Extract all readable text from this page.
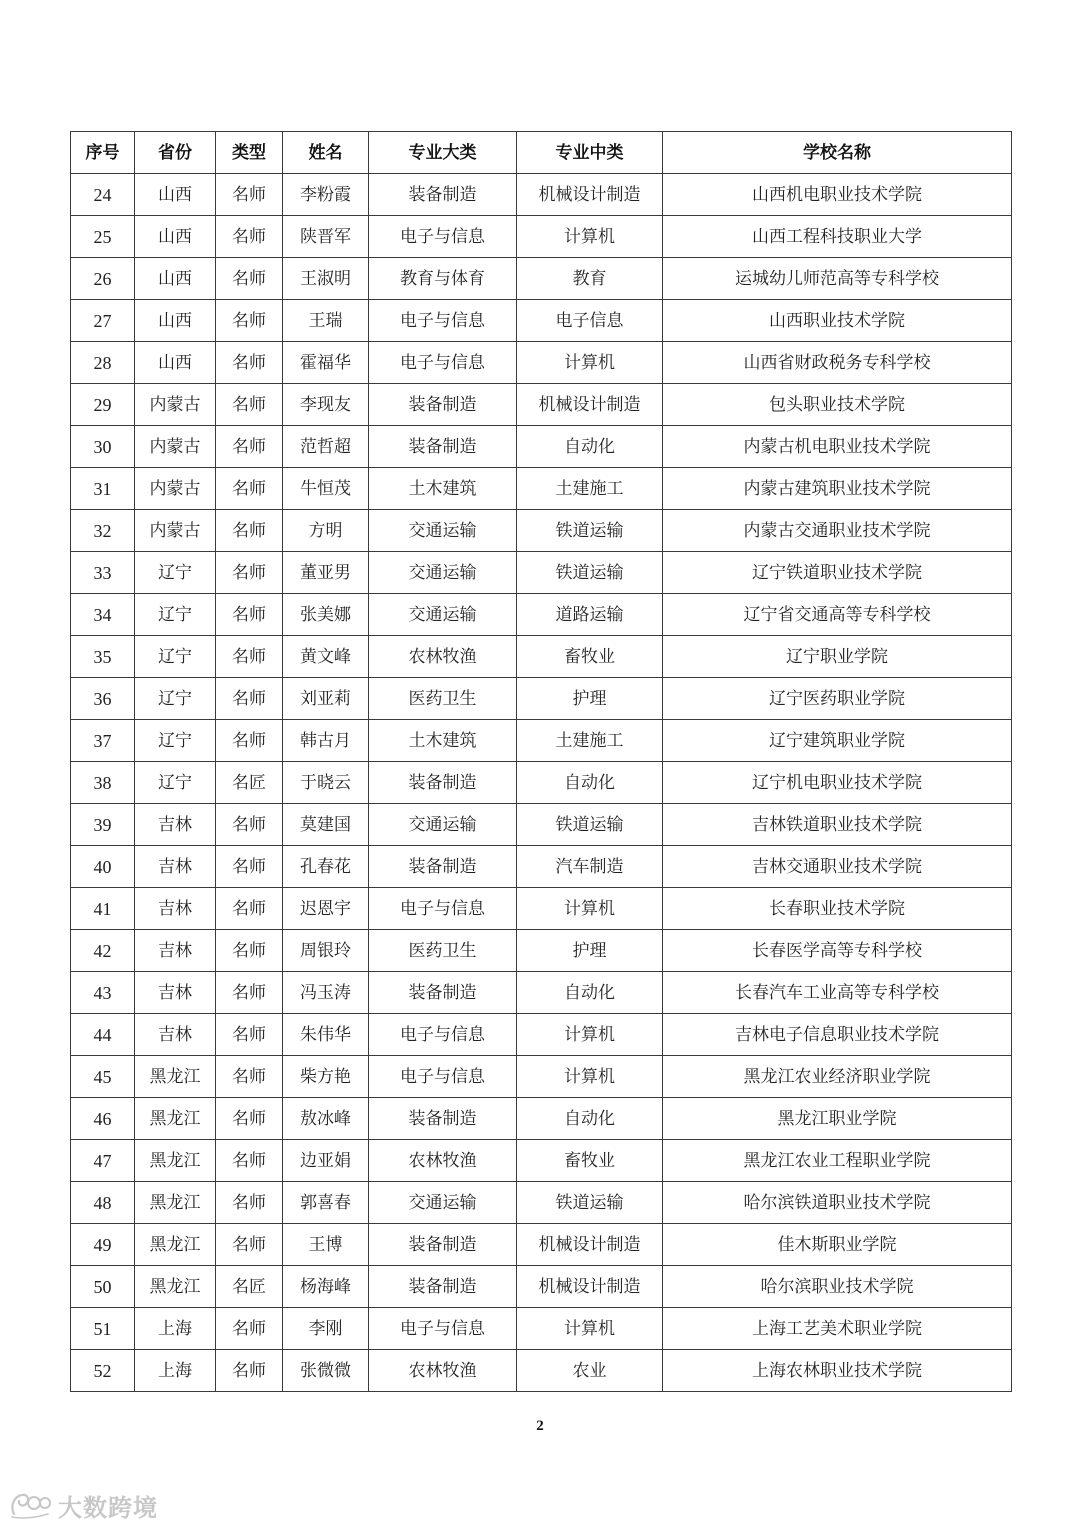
序号	省份	类型	姓名	专业大类	专业中类	学校名称
24	山西	名师	李粉霞	装备制造	机械设计制造	山西机电职业技术学院
25	山西	名师	陕晋军	电子与信息	计算机	山西工程科技职业大学
26	山西	名师	王淑明	教育与体育	教育	运城幼儿师范高等专科学校
27	山西	名师	王瑞	电子与信息	电子信息	山西职业技术学院
28	山西	名师	霍福华	电子与信息	计算机	山西省财政税务专科学校
29	内蒙古	名师	李现友	装备制造	机械设计制造	包头职业技术学院
30	内蒙古	名师	范哲超	装备制造	自动化	内蒙古机电职业技术学院
31	内蒙古	名师	牛恒茂	土木建筑	土建施工	内蒙古建筑职业技术学院
32	内蒙古	名师	方明	交通运输	铁道运输	内蒙古交通职业技术学院
33	辽宁	名师	董亚男	交通运输	铁道运输	辽宁铁道职业技术学院
34	辽宁	名师	张美娜	交通运输	道路运输	辽宁省交通高等专科学校
35	辽宁	名师	黄文峰	农林牧渔	畜牧业	辽宁职业学院
36	辽宁	名师	刘亚莉	医药卫生	护理	辽宁医药职业学院
37	辽宁	名师	韩古月	土木建筑	土建施工	辽宁建筑职业学院
38	辽宁	名匠	于晓云	装备制造	自动化	辽宁机电职业技术学院
39	吉林	名师	莫建国	交通运输	铁道运输	吉林铁道职业技术学院
40	吉林	名师	孔春花	装备制造	汽车制造	吉林交通职业技术学院
41	吉林	名师	迟恩宇	电子与信息	计算机	长春职业技术学院
42	吉林	名师	周银玲	医药卫生	护理	长春医学高等专科学校
43	吉林	名师	冯玉涛	装备制造	自动化	长春汽车工业高等专科学校
44	吉林	名师	朱伟华	电子与信息	计算机	吉林电子信息职业技术学院
45	黑龙江	名师	柴方艳	电子与信息	计算机	黑龙江农业经济职业学院
46	黑龙江	名师	敖冰峰	装备制造	自动化	黑龙江职业学院
47	黑龙江	名师	边亚娟	农林牧渔	畜牧业	黑龙江农业工程职业学院
48	黑龙江	名师	郭喜春	交通运输	铁道运输	哈尔滨铁道职业技术学院
49	黑龙江	名师	王博	装备制造	机械设计制造	佳木斯职业学院
50	黑龙江	名匠	杨海峰	装备制造	机械设计制造	哈尔滨职业技术学院
51	上海	名师	李刚	电子与信息	计算机	上海工艺美术职业学院
52	上海	名师	张微微	农林牧渔	农业	上海农林职业技术学院
2
大数跨境
